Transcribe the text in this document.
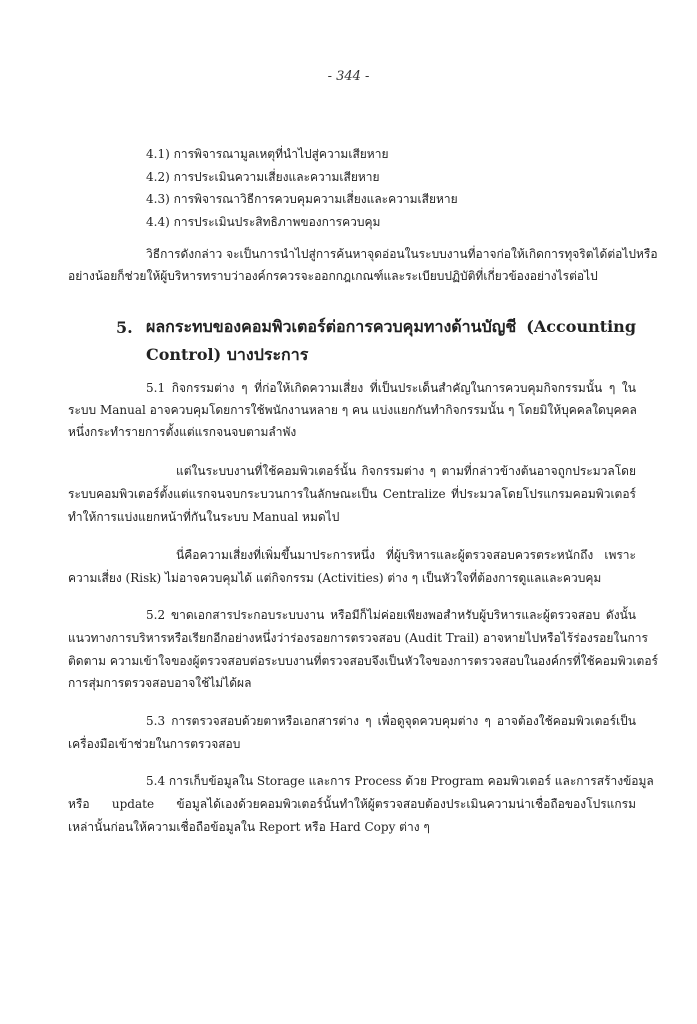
- 344 -
4.1) การพิจารณามูลเหตุที่นำไปสู่ความเสียหาย
4.2) การประเมินความเสี่ยงและความเสียหาย
4.3) การพิจารณาวิธีการควบคุมความเสี่ยงและความเสียหาย
4.4) การประเมินประสิทธิภาพของการควบคุม
วิธีการดังกล่าว จะเป็นการนำไปสู่การค้นหาจุดอ่อนในระบบงานที่อาจก่อให้เกิดการทุจริตได้ต่อไปหรือ
อย่างน้อยก็ช่วยให้ผู้บริหารทราบว่าองค์กรควรจะออกกฎเกณฑ์และระเบียบปฏิบัติที่เกี่ยวข้องอย่างไรต่อไป
5. ผลกระทบของคอมพิวเตอร์ต่อการควบคุมทางด้านบัญชี (Accounting
Control) บางประการ
5.1 กิจกรรมต่าง ๆ ที่ก่อให้เกิดความเสี่ยง ที่เป็นประเด็นสำคัญในการควบคุมกิจกรรมนั้น ๆ ใน
ระบบ Manual อาจควบคุมโดยการใช้พนักงานหลาย ๆ คน แบ่งแยกกันทำกิจกรรมนั้น ๆ โดยมิให้บุคคลใดบุคคล
หนึ่งกระทำรายการตั้งแต่แรกจนจบตามลำพัง
แต่ในระบบงานที่ใช้คอมพิวเตอร์นั้น กิจกรรมต่าง ๆ ตามที่กล่าวข้างต้นอาจถูกประมวลโดย
ระบบคอมพิวเตอร์ตั้งแต่แรกจนจบกระบวนการในลักษณะเป็น Centralize ที่ประมวลโดยโปรแกรมคอมพิวเตอร์
ทำให้การแบ่งแยกหน้าที่กันในระบบ Manual หมดไป
นี่คือความเสี่ยงที่เพิ่มขึ้นมาประการหนึ่ง ที่ผู้บริหารและผู้ตรวจสอบควรตระหนักถึง เพราะ
ความเสี่ยง (Risk) ไม่อาจควบคุมได้ แต่กิจกรรม (Activities) ต่าง ๆ เป็นหัวใจที่ต้องการดูแลและควบคุม
5.2 ขาดเอกสารประกอบระบบงาน หรือมีก็ไม่ค่อยเพียงพอสำหรับผู้บริหารและผู้ตรวจสอบ ดังนั้น
แนวทางการบริหารหรือเรียกอีกอย่างหนึ่งว่าร่องรอยการตรวจสอบ (Audit Trail) อาจหายไปหรือไร้ร่องรอยในการ
ติดตาม ความเข้าใจของผู้ตรวจสอบต่อระบบงานที่ตรวจสอบจึงเป็นหัวใจของการตรวจสอบในองค์กรที่ใช้คอมพิวเตอร์
การสุ่มการตรวจสอบอาจใช้ไม่ได้ผล
5.3 การตรวจสอบด้วยตาหรือเอกสารต่าง ๆ เพื่อดูจุดควบคุมต่าง ๆ อาจต้องใช้คอมพิวเตอร์เป็น
เครื่องมือเข้าช่วยในการตรวจสอบ
5.4 การเก็บข้อมูลใน Storage และการ Process ด้วย Program คอมพิวเตอร์ และการสร้างข้อมูล
หรือ update ข้อมูลได้เองด้วยคอมพิวเตอร์นั้นทำให้ผู้ตรวจสอบต้องประเมินความน่าเชื่อถือของโปรแกรม
เหล่านั้นก่อนให้ความเชื่อถือข้อมูลใน Report หรือ Hard Copy ต่าง ๆ
